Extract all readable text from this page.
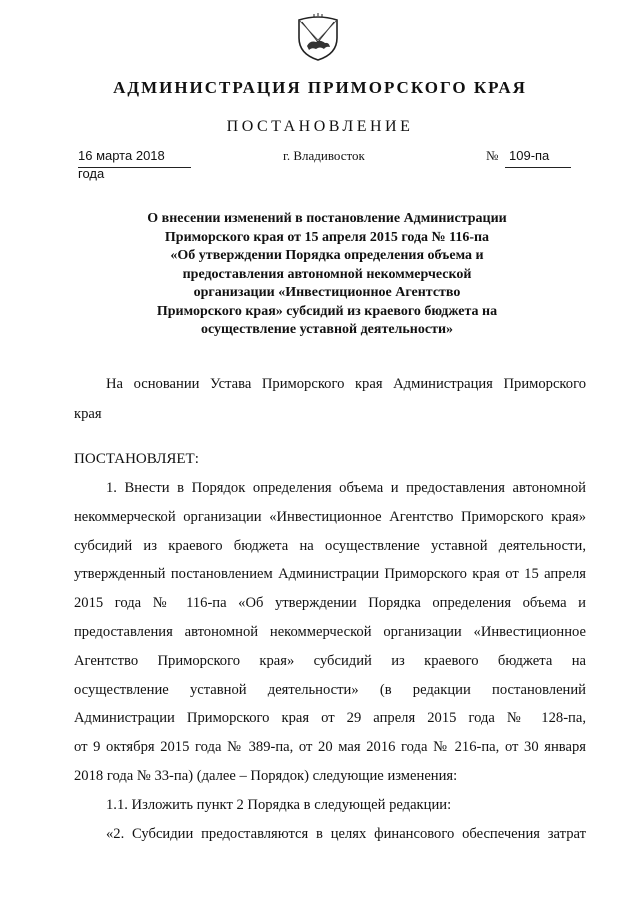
АДМИНИСТРАЦИЯ ПРИМОРСКОГО КРАЯ
ПОСТАНОВЛЕНИЕ
16 марта 2018 года
г. Владивосток	№ 109-па
О внесении изменений в постановление Администрации
Приморского края от 15 апреля 2015 года № 116-па
«Об утверждении Порядка определения объема и
предоставления автономной некоммерческой
организации «Инвестиционное Агентство
Приморского края» субсидий из краевого бюджета на
осуществление уставной деятельности»
На основании Устава Приморского края Администрация Приморского
края
ПОСТАНОВЛЯЕТ:
1. Внести в Порядок определения объема и предоставления автономной
некоммерческой организации «Инвестиционное Агентство Приморского края»
субсидий из краевого бюджета на осуществление уставной деятельности,
утвержденный постановлением Администрации Приморского края от 15 апреля
2015 года № 116-па «Об утверждении Порядка определения объема и
предоставления автономной некоммерческой организации «Инвестиционное
Агентство Приморского края» субсидий из краевого бюджета на
осуществление уставной деятельности» (в редакции постановлений
Администрации Приморского края от 29 апреля 2015 года № 128-па,
от 9 октября 2015 года № 389-па, от 20 мая 2016 года № 216-па, от 30 января
2018 года № 33-па) (далее – Порядок) следующие изменения:
1.1. Изложить пункт 2 Порядка в следующей редакции:
«2. Субсидии предоставляются в целях финансового обеспечения затрат
